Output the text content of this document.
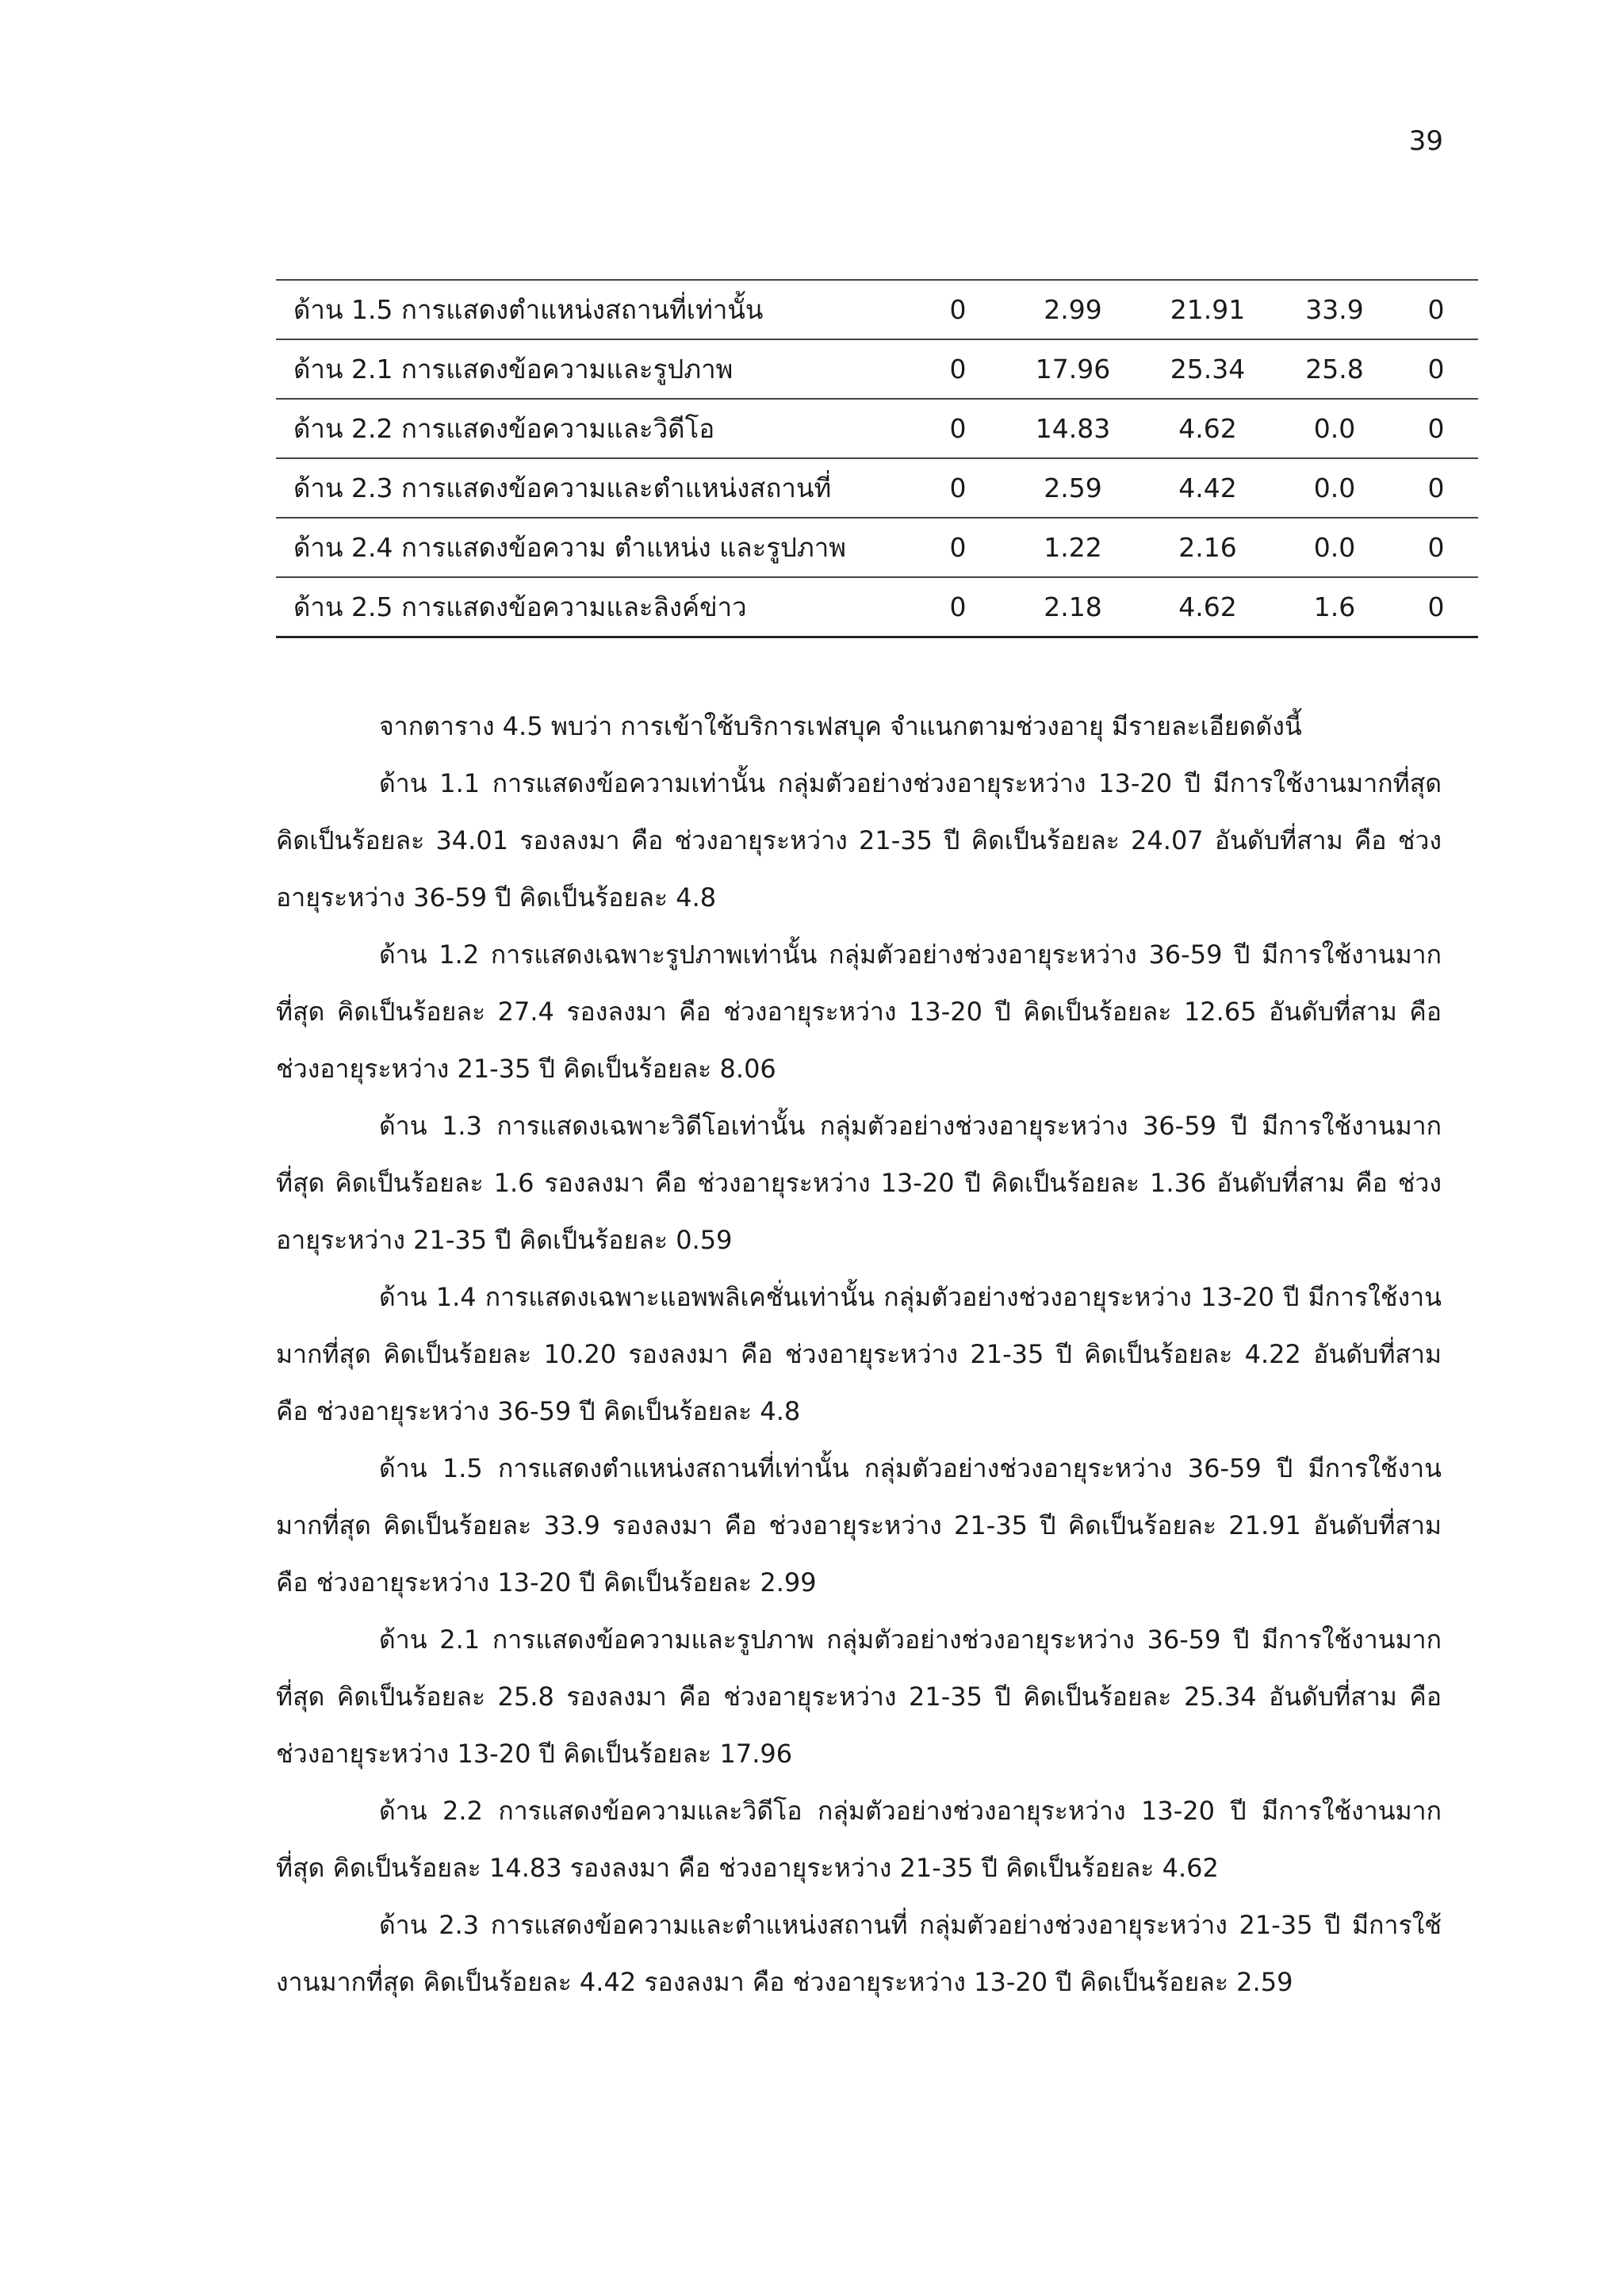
39
ด้าน 1.5 การแสดงตำแหน่งสถานที่เท่านั้น	0	2.99	21.91	33.9	0
ด้าน 2.1 การแสดงข้อความและรูปภาพ	0	17.96	25.34	25.8	0
ด้าน 2.2 การแสดงข้อความและวิดีโอ	0	14.83	4.62	0.0	0
ด้าน 2.3 การแสดงข้อความและตำแหน่งสถานที่	0	2.59	4.42	0.0	0
ด้าน 2.4 การแสดงข้อความ ตำแหน่ง และรูปภาพ	0	1.22	2.16	0.0	0
ด้าน 2.5 การแสดงข้อความและลิงค์ข่าว	0	2.18	4.62	1.6	0

จากตาราง 4.5 พบว่า การเข้าใช้บริการเฟสบุค จำแนกตามช่วงอายุ มีรายละเอียดดังนี้

ด้าน 1.1 การแสดงข้อความเท่านั้น กลุ่มตัวอย่างช่วงอายุระหว่าง 13-20 ปี มีการใช้งานมากที่สุด คิดเป็นร้อยละ 34.01 รองลงมา คือ ช่วงอายุระหว่าง 21-35 ปี คิดเป็นร้อยละ 24.07 อันดับที่สาม คือ ช่วงอายุระหว่าง 36-59 ปี คิดเป็นร้อยละ 4.8

ด้าน 1.2 การแสดงเฉพาะรูปภาพเท่านั้น กลุ่มตัวอย่างช่วงอายุระหว่าง 36-59 ปี มีการใช้งานมากที่สุด คิดเป็นร้อยละ 27.4 รองลงมา คือ ช่วงอายุระหว่าง 13-20 ปี คิดเป็นร้อยละ 12.65 อันดับที่สาม คือ ช่วงอายุระหว่าง 21-35 ปี คิดเป็นร้อยละ 8.06

ด้าน 1.3 การแสดงเฉพาะวิดีโอเท่านั้น กลุ่มตัวอย่างช่วงอายุระหว่าง 36-59 ปี มีการใช้งานมากที่สุด คิดเป็นร้อยละ 1.6 รองลงมา คือ ช่วงอายุระหว่าง 13-20 ปี คิดเป็นร้อยละ 1.36 อันดับที่สาม คือ ช่วงอายุระหว่าง 21-35 ปี คิดเป็นร้อยละ 0.59

ด้าน 1.4 การแสดงเฉพาะแอพพลิเคชั่นเท่านั้น กลุ่มตัวอย่างช่วงอายุระหว่าง 13-20 ปี มีการใช้งานมากที่สุด คิดเป็นร้อยละ 10.20 รองลงมา คือ ช่วงอายุระหว่าง 21-35 ปี คิดเป็นร้อยละ 4.22 อันดับที่สาม คือ ช่วงอายุระหว่าง 36-59 ปี คิดเป็นร้อยละ 4.8

ด้าน 1.5 การแสดงตำแหน่งสถานที่เท่านั้น กลุ่มตัวอย่างช่วงอายุระหว่าง 36-59 ปี มีการใช้งานมากที่สุด คิดเป็นร้อยละ 33.9 รองลงมา คือ ช่วงอายุระหว่าง 21-35 ปี คิดเป็นร้อยละ 21.91 อันดับที่สาม คือ ช่วงอายุระหว่าง 13-20 ปี คิดเป็นร้อยละ 2.99

ด้าน 2.1 การแสดงข้อความและรูปภาพ กลุ่มตัวอย่างช่วงอายุระหว่าง 36-59 ปี มีการใช้งานมากที่สุด คิดเป็นร้อยละ 25.8 รองลงมา คือ ช่วงอายุระหว่าง 21-35 ปี คิดเป็นร้อยละ 25.34 อันดับที่สาม คือ ช่วงอายุระหว่าง 13-20 ปี คิดเป็นร้อยละ 17.96

ด้าน 2.2 การแสดงข้อความและวิดีโอ กลุ่มตัวอย่างช่วงอายุระหว่าง 13-20 ปี มีการใช้งานมากที่สุด คิดเป็นร้อยละ 14.83 รองลงมา คือ ช่วงอายุระหว่าง 21-35 ปี คิดเป็นร้อยละ 4.62

ด้าน 2.3 การแสดงข้อความและตำแหน่งสถานที่ กลุ่มตัวอย่างช่วงอายุระหว่าง 21-35 ปี มีการใช้งานมากที่สุด คิดเป็นร้อยละ 4.42 รองลงมา คือ ช่วงอายุระหว่าง 13-20 ปี คิดเป็นร้อยละ 2.59
